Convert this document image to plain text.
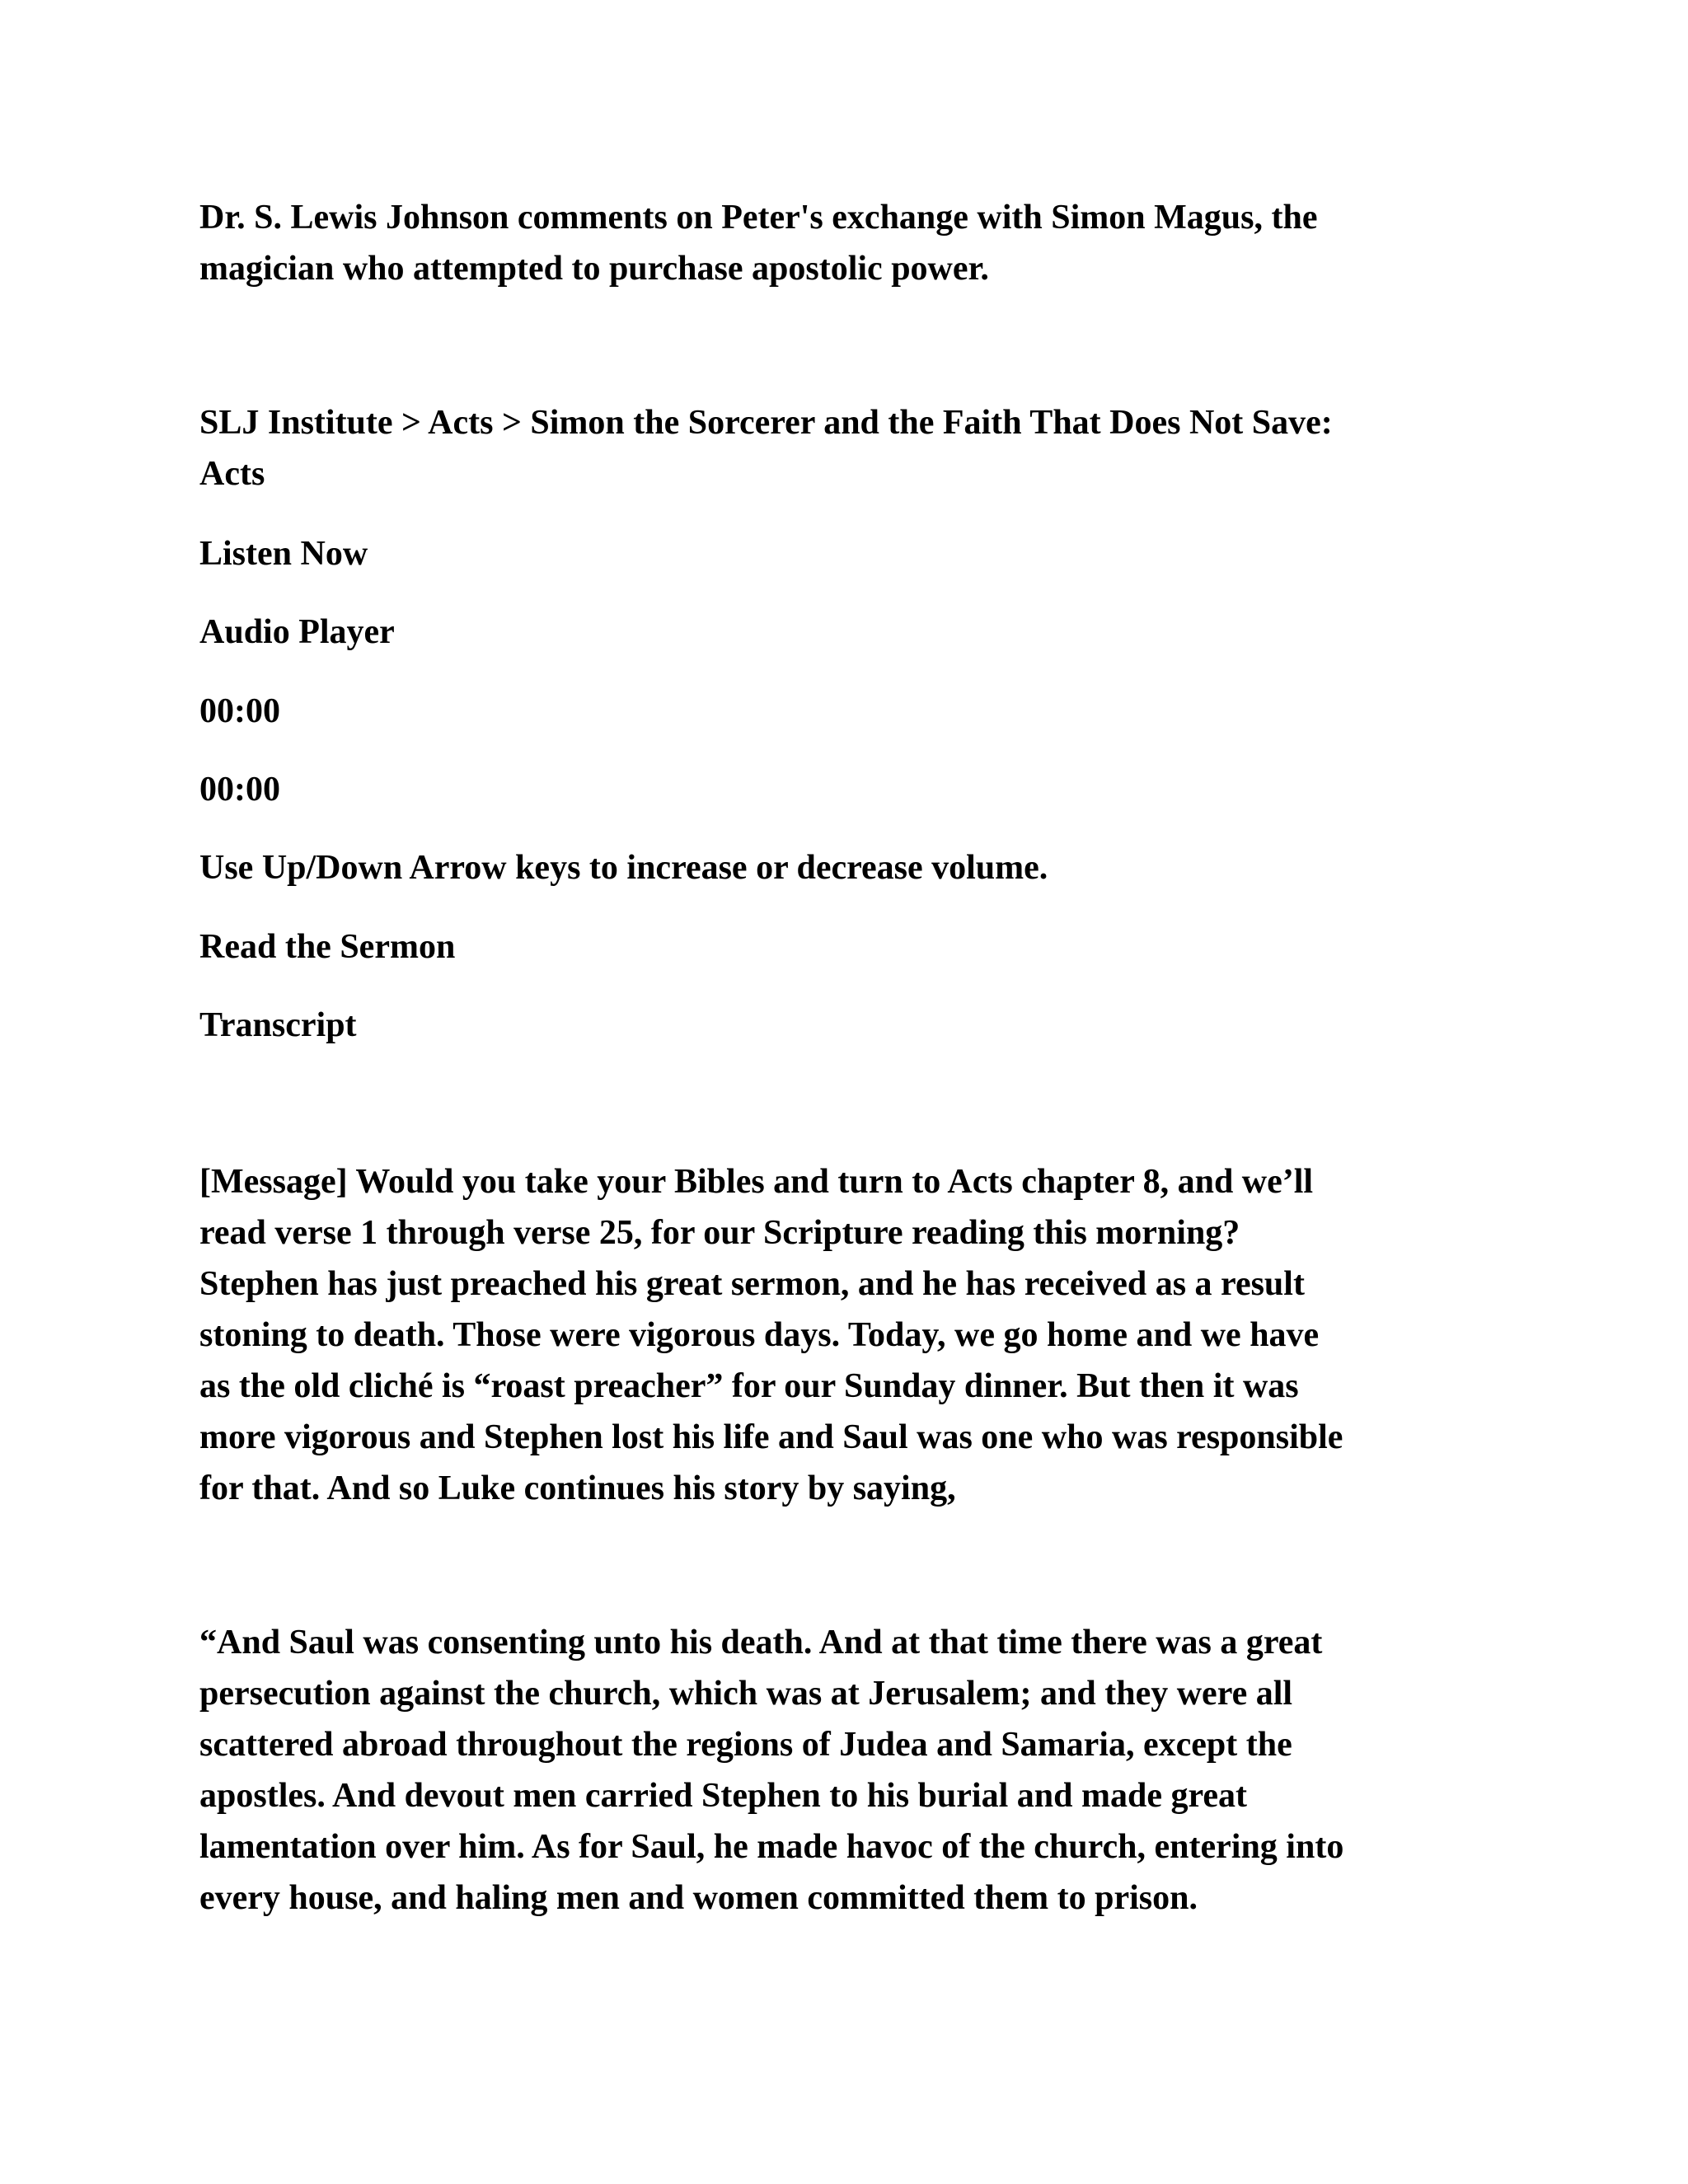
Dr. S. Lewis Johnson comments on Peter's exchange with Simon Magus, the
magician who attempted to purchase apostolic power.

SLJ Institute > Acts > Simon the Sorcerer and the Faith That Does Not Save:
Acts

Listen Now

Audio Player

00:00

00:00

Use Up/Down Arrow keys to increase or decrease volume.

Read the Sermon

Transcript

[Message] Would you take your Bibles and turn to Acts chapter 8, and we’ll
read verse 1 through verse 25, for our Scripture reading this morning?
Stephen has just preached his great sermon, and he has received as a result
stoning to death. Those were vigorous days. Today, we go home and we have
as the old cliché is “roast preacher” for our Sunday dinner. But then it was
more vigorous and Stephen lost his life and Saul was one who was responsible
for that. And so Luke continues his story by saying,

“And Saul was consenting unto his death. And at that time there was a great
persecution against the church, which was at Jerusalem; and they were all
scattered abroad throughout the regions of Judea and Samaria, except the
apostles. And devout men carried Stephen to his burial and made great
lamentation over him. As for Saul, he made havoc of the church, entering into
every house, and haling men and women committed them to prison.
